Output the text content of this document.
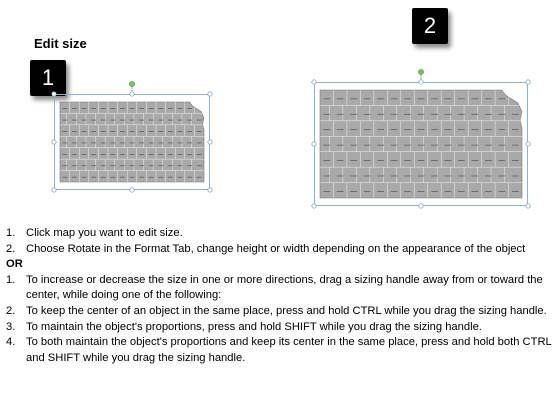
Edit size
1
2
1. Click map you want to edit size.
2. Choose Rotate in the Format Tab, change height or width depending on the appearance of the object
OR
1. To increase or decrease the size in one or more directions, drag a sizing handle away from or toward the center, while doing one of the following:
2. To keep the center of an object in the same place, press and hold CTRL while you drag the sizing handle.
3. To maintain the object's proportions, press and hold SHIFT while you drag the sizing handle.
4. To both maintain the object's proportions and keep its center in the same place, press and hold both CTRL and SHIFT while you drag the sizing handle.
